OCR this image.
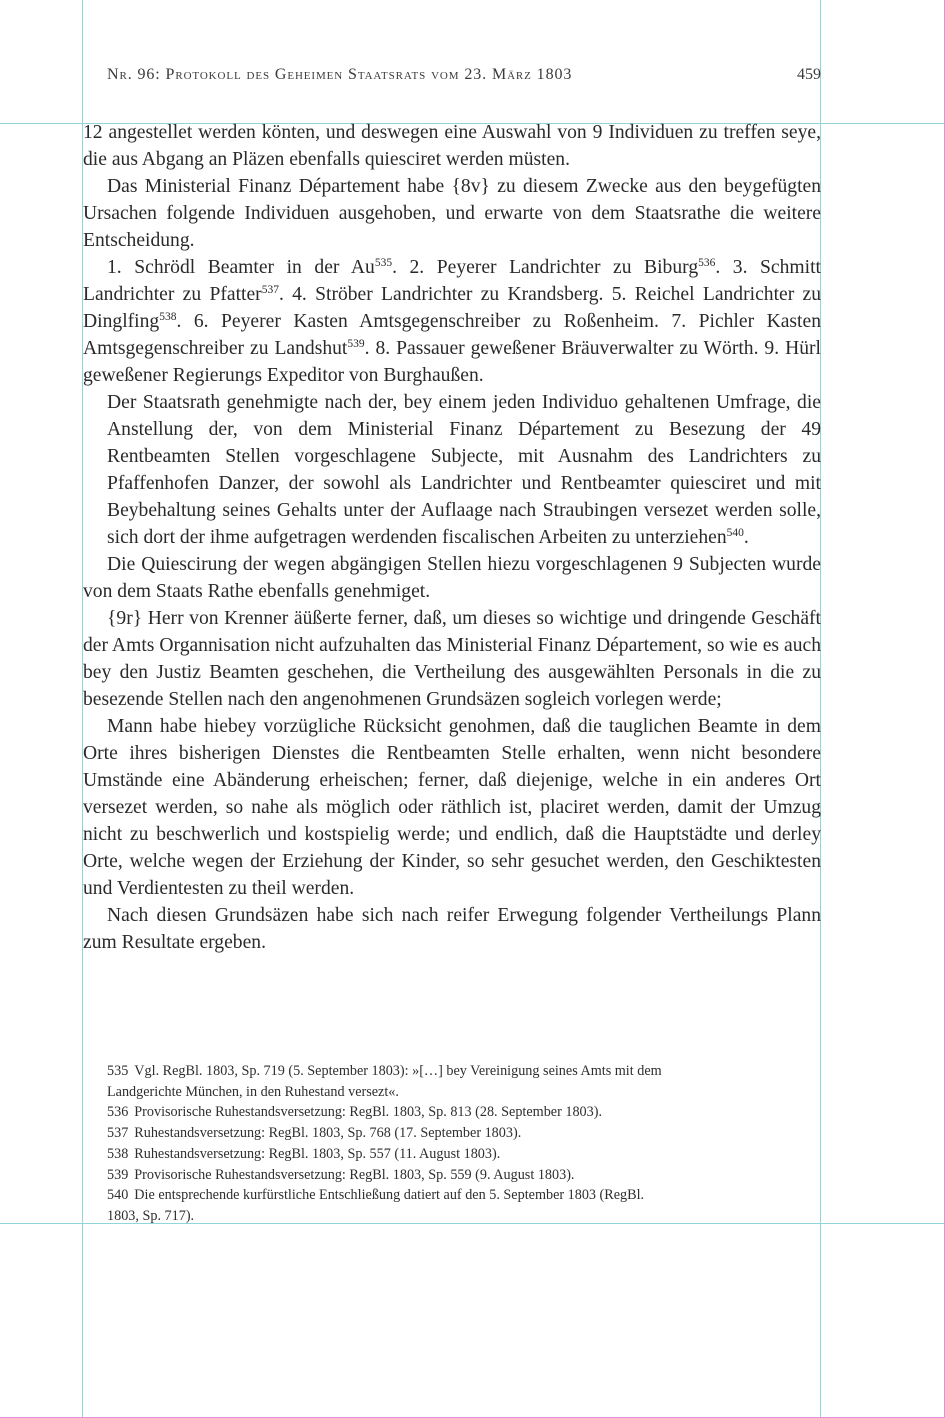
Nr. 96: Protokoll des Geheimen Staatsrats vom 23. März 1803	459

12 angestellet werden könten, und deswegen eine Auswahl von 9 Individuen zu treffen seye, die aus Abgang an Pläzen ebenfalls quiesciret werden müsten.

Das Ministerial Finanz Département habe {8v} zu diesem Zwecke aus den beygefügten Ursachen folgende Individuen ausgehoben, und erwarte von dem Staatsrathe die weitere Entscheidung.

1. Schrödl Beamter in der Au$^{535}$. 2. Peyerer Landrichter zu Biburg$^{536}$. 3. Schmitt Landrichter zu Pfatter$^{537}$. 4. Ströber Landrichter zu Krandsberg. 5. Reichel Landrichter zu Dinglfing$^{538}$. 6. Peyerer Kasten Amtsgegenschreiber zu Roßenheim. 7. Pichler Kasten Amtsgegenschreiber zu Landshut$^{539}$. 8. Passauer geweßener Bräuverwalter zu Wörth. 9. Hürl geweßener Regierungs Expeditor von Burghaußen.

Der Staatsrath genehmigte nach der, bey einem jeden Individuo gehaltenen Umfrage, die Anstellung der, von dem Ministerial Finanz Département zu Besezung der 49 Rentbeamten Stellen vorgeschlagene Subjecte, mit Ausnahm des Landrichters zu Pfaffenhofen Danzer, der sowohl als Landrichter und Rentbeamter quiesciret und mit Beybehaltung seines Gehalts unter der Auflaage nach Straubingen versezet werden solle, sich dort der ihme aufgetragen werdenden fiscalischen Arbeiten zu unterziehen$^{540}$.

Die Quiescirung der wegen abgängigen Stellen hiezu vorgeschlagenen 9 Subjecten wurde von dem Staats Rathe ebenfalls genehmiget.

{9r} Herr von Krenner äüßerte ferner, daß, um dieses so wichtige und dringende Geschäft der Amts Organnisation nicht aufzuhalten das Ministerial Finanz Département, so wie es auch bey den Justiz Beamten geschehen, die Vertheilung des ausgewählten Personals in die zu besezende Stellen nach den angenohmenen Grundsäzen sogleich vorlegen werde;

Mann habe hiebey vorzügliche Rücksicht genohmen, daß die tauglichen Beamte in dem Orte ihres bisherigen Dienstes die Rentbeamten Stelle erhalten, wenn nicht besondere Umstände eine Abänderung erheischen; ferner, daß diejenige, welche in ein anderes Ort versezet werden, so nahe als möglich oder räthlich ist, placiret werden, damit der Umzug nicht zu beschwerlich und kostspielig werde; und endlich, daß die Hauptstädte und derley Orte, welche wegen der Erziehung der Kinder, so sehr gesuchet werden, den Geschiktesten und Verdientesten zu theil werden.

Nach diesen Grundsäzen habe sich nach reifer Erwegung folgender Vertheilungs Plann zum Resultate ergeben.

535 Vgl. RegBl. 1803, Sp. 719 (5. September 1803): »[…] bey Vereinigung seines Amts mit dem Landgerichte München, in den Ruhestand versezt«.

536 Provisorische Ruhestandsversetzung: RegBl. 1803, Sp. 813 (28. September 1803).

537 Ruhestandsversetzung: RegBl. 1803, Sp. 768 (17. September 1803).

538 Ruhestandsversetzung: RegBl. 1803, Sp. 557 (11. August 1803).

539 Provisorische Ruhestandsversetzung: RegBl. 1803, Sp. 559 (9. August 1803).

540 Die entsprechende kurfürstliche Entschließung datiert auf den 5. September 1803 (RegBl. 1803, Sp. 717).
